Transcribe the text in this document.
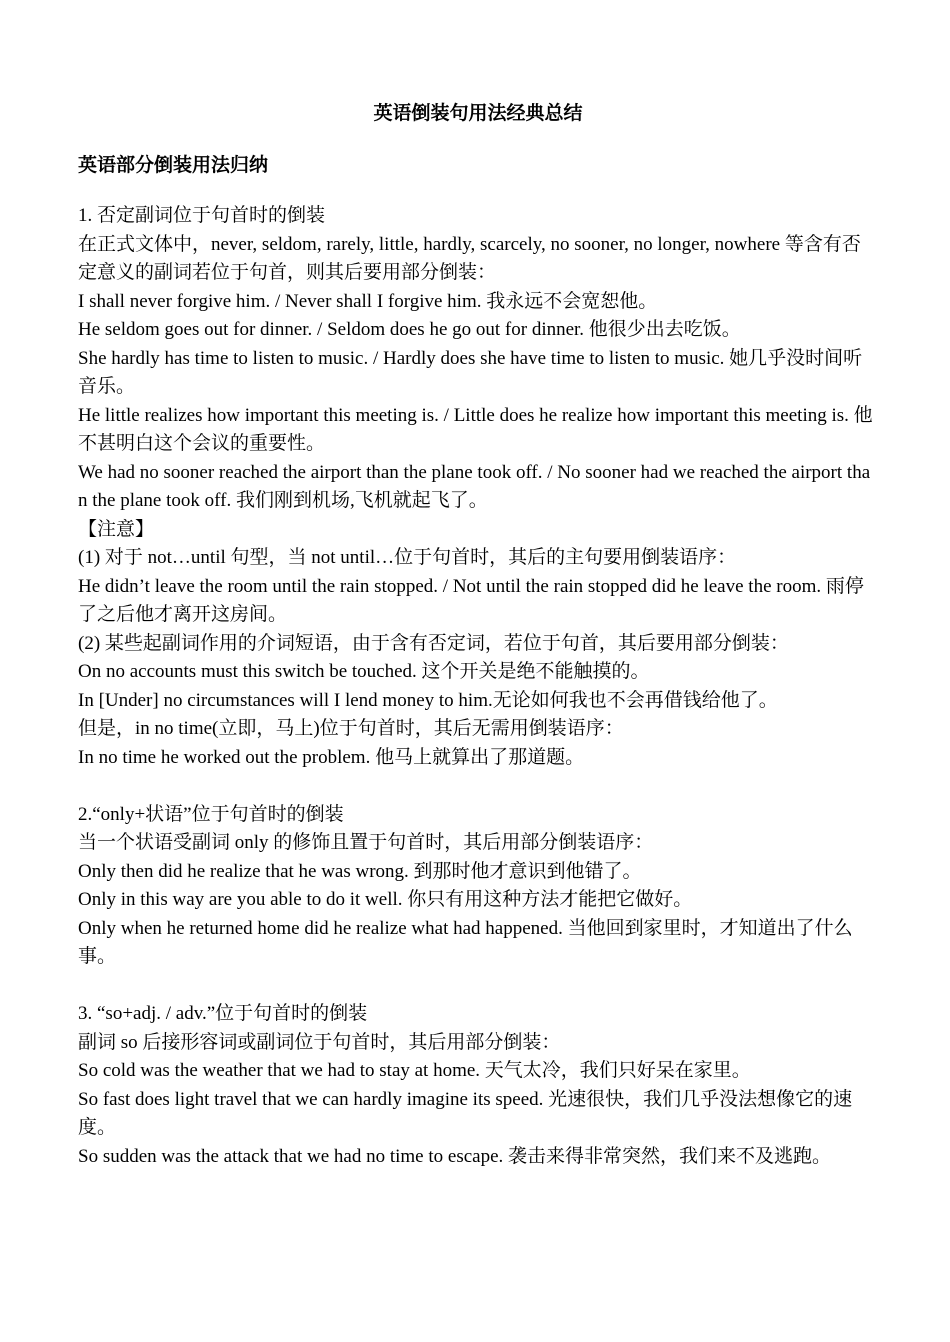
英语倒装句用法经典总结
英语部分倒装用法归纳

1. 否定副词位于句首时的倒装

在正式文体中，never, seldom, rarely, little, hardly, scarcely, no sooner, no longer, nowhere 等含有否定意义的副词若位于句首，则其后要用部分倒装：

I shall never forgive him. / Never shall I forgive him. 我永远不会宽恕他。

He seldom goes out for dinner. / Seldom does he go out for dinner. 他很少出去吃饭。

She hardly has time to listen to music. / Hardly does she have time to listen to music. 她几乎没时间听音乐。

He little realizes how important this meeting is. / Little does he realize how important this meeting is. 他不甚明白这个会议的重要性。

We had no sooner reached the airport than the plane took off. / No sooner had we reached the airport than the plane took off. 我们刚到机场,飞机就起飞了。

【注意】

(1) 对于 not…until 句型，当 not until…位于句首时，其后的主句要用倒装语序：

He didn’t leave the room until the rain stopped. / Not until the rain stopped did he leave the room. 雨停了之后他才离开这房间。

(2) 某些起副词作用的介词短语，由于含有否定词，若位于句首，其后要用部分倒装：

On no accounts must this switch be touched. 这个开关是绝不能触摸的。

In [Under] no circumstances will I lend money to him.无论如何我也不会再借钱给他了。

但是，in no time(立即，马上)位于句首时，其后无需用倒装语序：

In no time he worked out the problem. 他马上就算出了那道题。

2.“only+状语”位于句首时的倒装

当一个状语受副词 only 的修饰且置于句首时，其后用部分倒装语序：

Only then did he realize that he was wrong. 到那时他才意识到他错了。

Only in this way are you able to do it well. 你只有用这种方法才能把它做好。

Only when he returned home did he realize what had happened. 当他回到家里时，才知道出了什么事。

3. “so+adj. / adv.”位于句首时的倒装

副词 so 后接形容词或副词位于句首时，其后用部分倒装：

So cold was the weather that we had to stay at home. 天气太冷，我们只好呆在家里。

So fast does light travel that we can hardly imagine its speed. 光速很快，我们几乎没法想像它的速度。

So sudden was the attack that we had no time to escape. 袭击来得非常突然，我们来不及逃跑。
